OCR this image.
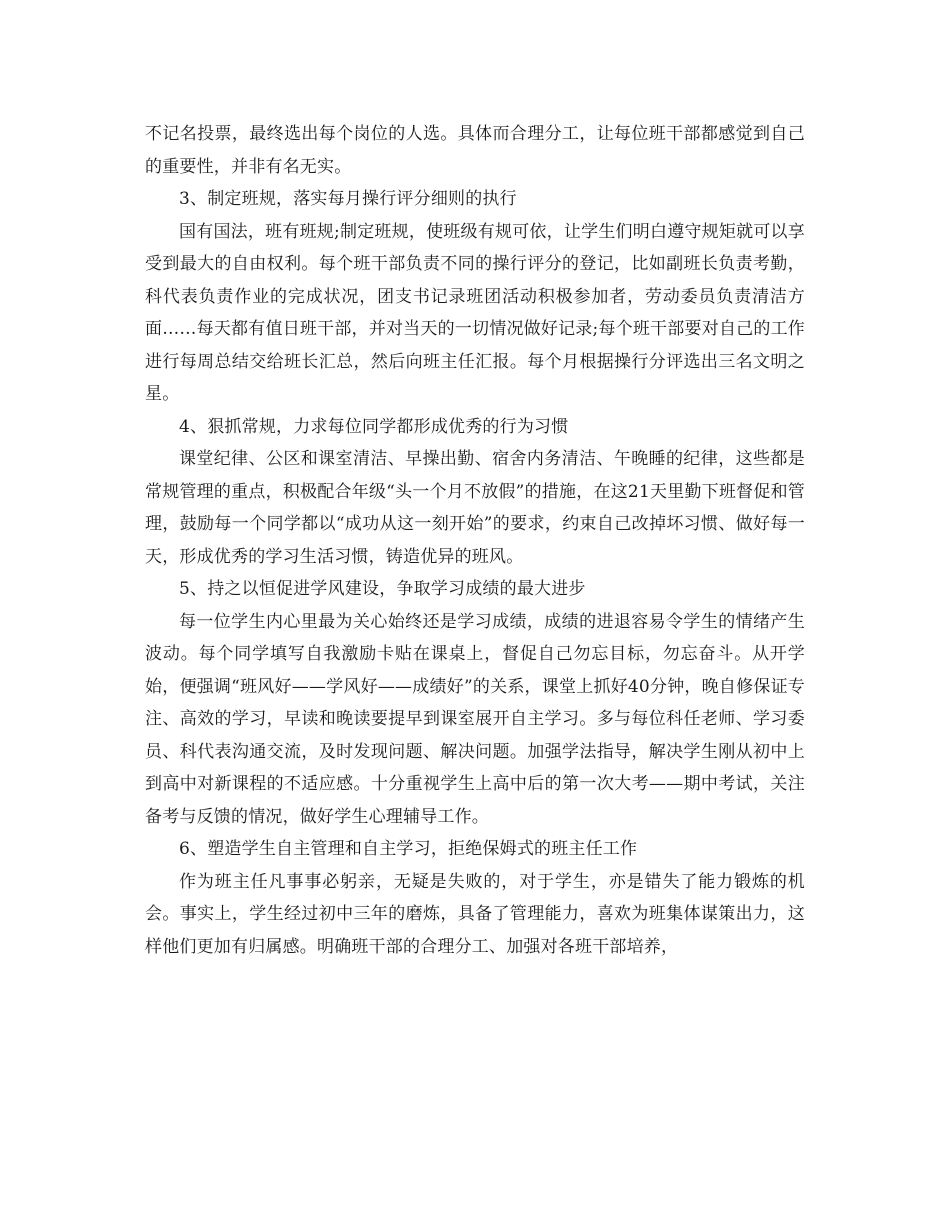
不记名投票，最终选出每个岗位的人选。具体而合理分工，让每位班干部都感觉到自己的重要性，并非有名无实。

3、制定班规，落实每月操行评分细则的执行

国有国法，班有班规;制定班规，使班级有规可依，让学生们明白遵守规矩就可以享受到最大的自由权利。每个班干部负责不同的操行评分的登记，比如副班长负责考勤，科代表负责作业的完成状况，团支书记录班团活动积极参加者，劳动委员负责清洁方面……每天都有值日班干部，并对当天的一切情况做好记录;每个班干部要对自己的工作进行每周总结交给班长汇总，然后向班主任汇报。每个月根据操行分评选出三名文明之星。

4、狠抓常规，力求每位同学都形成优秀的行为习惯

课堂纪律、公区和课室清洁、早操出勤、宿舍内务清洁、午晚睡的纪律，这些都是常规管理的重点，积极配合年级“头一个月不放假”的措施，在这21天里勤下班督促和管理，鼓励每一个同学都以“成功从这一刻开始”的要求，约束自己改掉坏习惯、做好每一天，形成优秀的学习生活习惯，铸造优异的班风。

5、持之以恒促进学风建设，争取学习成绩的最大进步

每一位学生内心里最为关心始终还是学习成绩，成绩的进退容易令学生的情绪产生波动。每个同学填写自我激励卡贴在课桌上，督促自己勿忘目标，勿忘奋斗。从开学始，便强调“班风好——学风好——成绩好”的关系，课堂上抓好40分钟，晚自修保证专注、高效的学习，早读和晚读要提早到课室展开自主学习。多与每位科任老师、学习委员、科代表沟通交流，及时发现问题、解决问题。加强学法指导，解决学生刚从初中上到高中对新课程的不适应感。十分重视学生上高中后的第一次大考——期中考试，关注备考与反馈的情况，做好学生心理辅导工作。

6、塑造学生自主管理和自主学习，拒绝保姆式的班主任工作

作为班主任凡事事必躬亲，无疑是失败的，对于学生，亦是错失了能力锻炼的机会。事实上，学生经过初中三年的磨炼，具备了管理能力，喜欢为班集体谋策出力，这样他们更加有归属感。明确班干部的合理分工、加强对各班干部培养，
